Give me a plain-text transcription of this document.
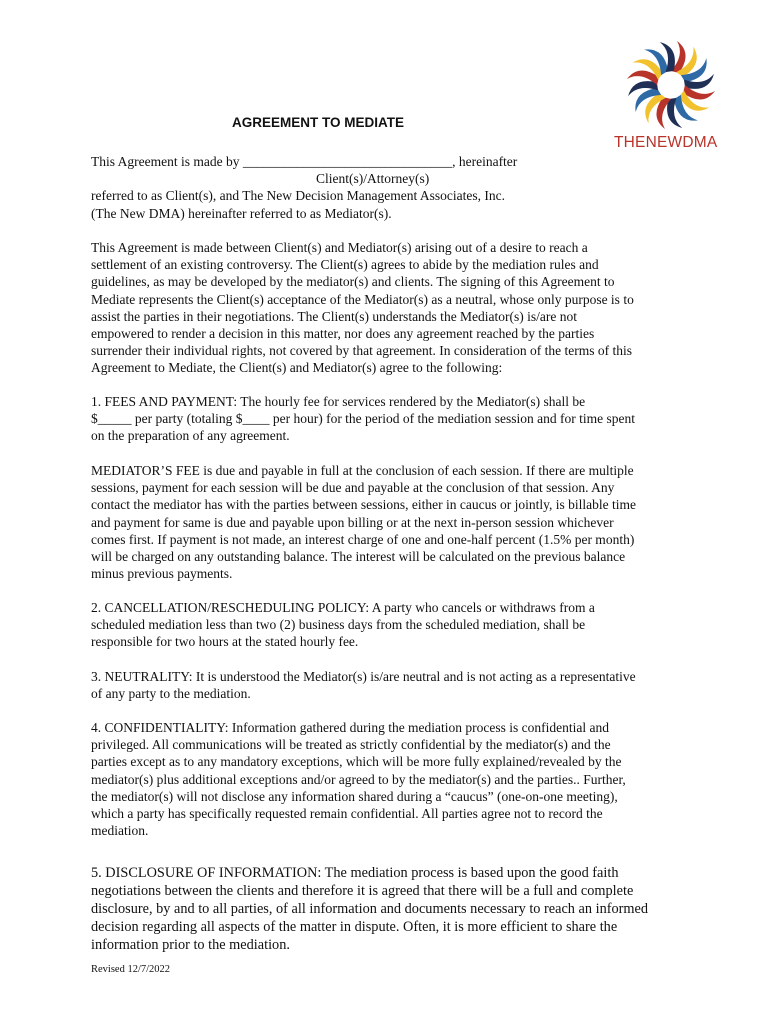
THENEWDMA
AGREEMENT TO MEDIATE
This Agreement is made by _______________________________, hereinafter
Client(s)/Attorney(s)
referred to as Client(s), and The New Decision Management Associates, Inc.
(The New DMA) hereinafter referred to as Mediator(s).
This Agreement is made between Client(s) and Mediator(s) arising out of a desire to reach a
settlement of an existing controversy. The Client(s) agrees to abide by the mediation rules and
guidelines, as may be developed by the mediator(s) and clients. The signing of this Agreement to
Mediate represents the Client(s) acceptance of the Mediator(s) as a neutral, whose only purpose is to
assist the parties in their negotiations. The Client(s) understands the Mediator(s) is/are not
empowered to render a decision in this matter, nor does any agreement reached by the parties
surrender their individual rights, not covered by that agreement. In consideration of the terms of this
Agreement to Mediate, the Client(s) and Mediator(s) agree to the following:
1. FEES AND PAYMENT: The hourly fee for services rendered by the Mediator(s) shall be
$_____ per party (totaling $____ per hour) for the period of the mediation session and for time spent
on the preparation of any agreement.
MEDIATOR’S FEE is due and payable in full at the conclusion of each session. If there are multiple
sessions, payment for each session will be due and payable at the conclusion of that session. Any
contact the mediator has with the parties between sessions, either in caucus or jointly, is billable time
and payment for same is due and payable upon billing or at the next in-person session whichever
comes first. If payment is not made, an interest charge of one and one-half percent (1.5% per month)
will be charged on any outstanding balance. The interest will be calculated on the previous balance
minus previous payments.
2. CANCELLATION/RESCHEDULING POLICY: A party who cancels or withdraws from a
scheduled mediation less than two (2) business days from the scheduled mediation, shall be
responsible for two hours at the stated hourly fee.
3. NEUTRALITY: It is understood the Mediator(s) is/are neutral and is not acting as a representative
of any party to the mediation.
4. CONFIDENTIALITY: Information gathered during the mediation process is confidential and
privileged. All communications will be treated as strictly confidential by the mediator(s) and the
parties except as to any mandatory exceptions, which will be more fully explained/revealed by the
mediator(s) plus additional exceptions and/or agreed to by the mediator(s) and the parties.. Further,
the mediator(s) will not disclose any information shared during a “caucus” (one-on-one meeting),
which a party has specifically requested remain confidential. All parties agree not to record the
mediation.
5. DISCLOSURE OF INFORMATION: The mediation process is based upon the good faith
negotiations between the clients and therefore it is agreed that there will be a full and complete
disclosure, by and to all parties, of all information and documents necessary to reach an informed
decision regarding all aspects of the matter in dispute. Often, it is more efficient to share the
information prior to the mediation.
Revised 12/7/2022
